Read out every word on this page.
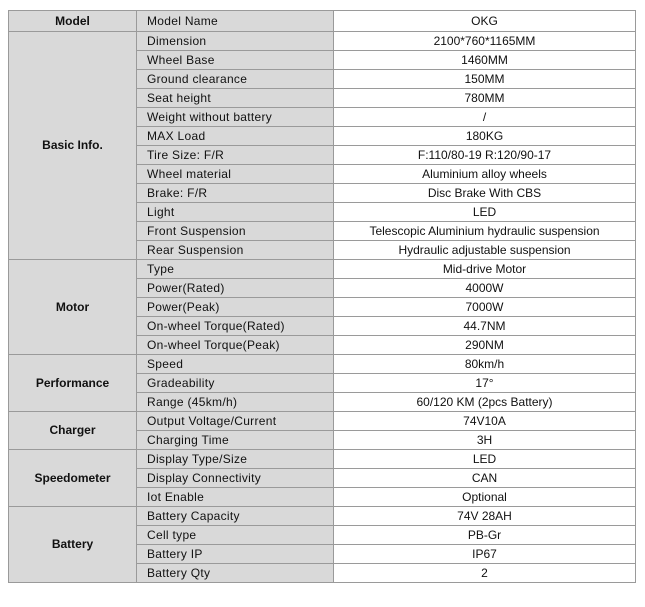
Model	Model Name	OKG
Basic Info.	Dimension	2100*760*1165MM
	Wheel Base	1460MM
	Ground clearance	150MM
	Seat height	780MM
	Weight without battery	/
	MAX Load	180KG
	Tire Size: F/R	F:110/80-19 R:120/90-17
	Wheel material	Aluminium alloy wheels
	Brake: F/R	Disc Brake With CBS
	Light	LED
	Front Suspension	Telescopic Aluminium hydraulic suspension
	Rear Suspension	Hydraulic adjustable suspension
Motor	Type	Mid-drive Motor
	Power(Rated)	4000W
	Power(Peak)	7000W
	On-wheel Torque(Rated)	44.7NM
	On-wheel Torque(Peak)	290NM
Performance	Speed	80km/h
	Gradeability	17°
	Range (45km/h)	60/120 KM (2pcs Battery)
Charger	Output Voltage/Current	74V10A
	Charging Time	3H
Speedometer	Display Type/Size	LED
	Display Connectivity	CAN
	Iot Enable	Optional
Battery	Battery Capacity	74V 28AH
	Cell type	PB-Gr
	Battery IP	IP67
	Battery Qty	2
